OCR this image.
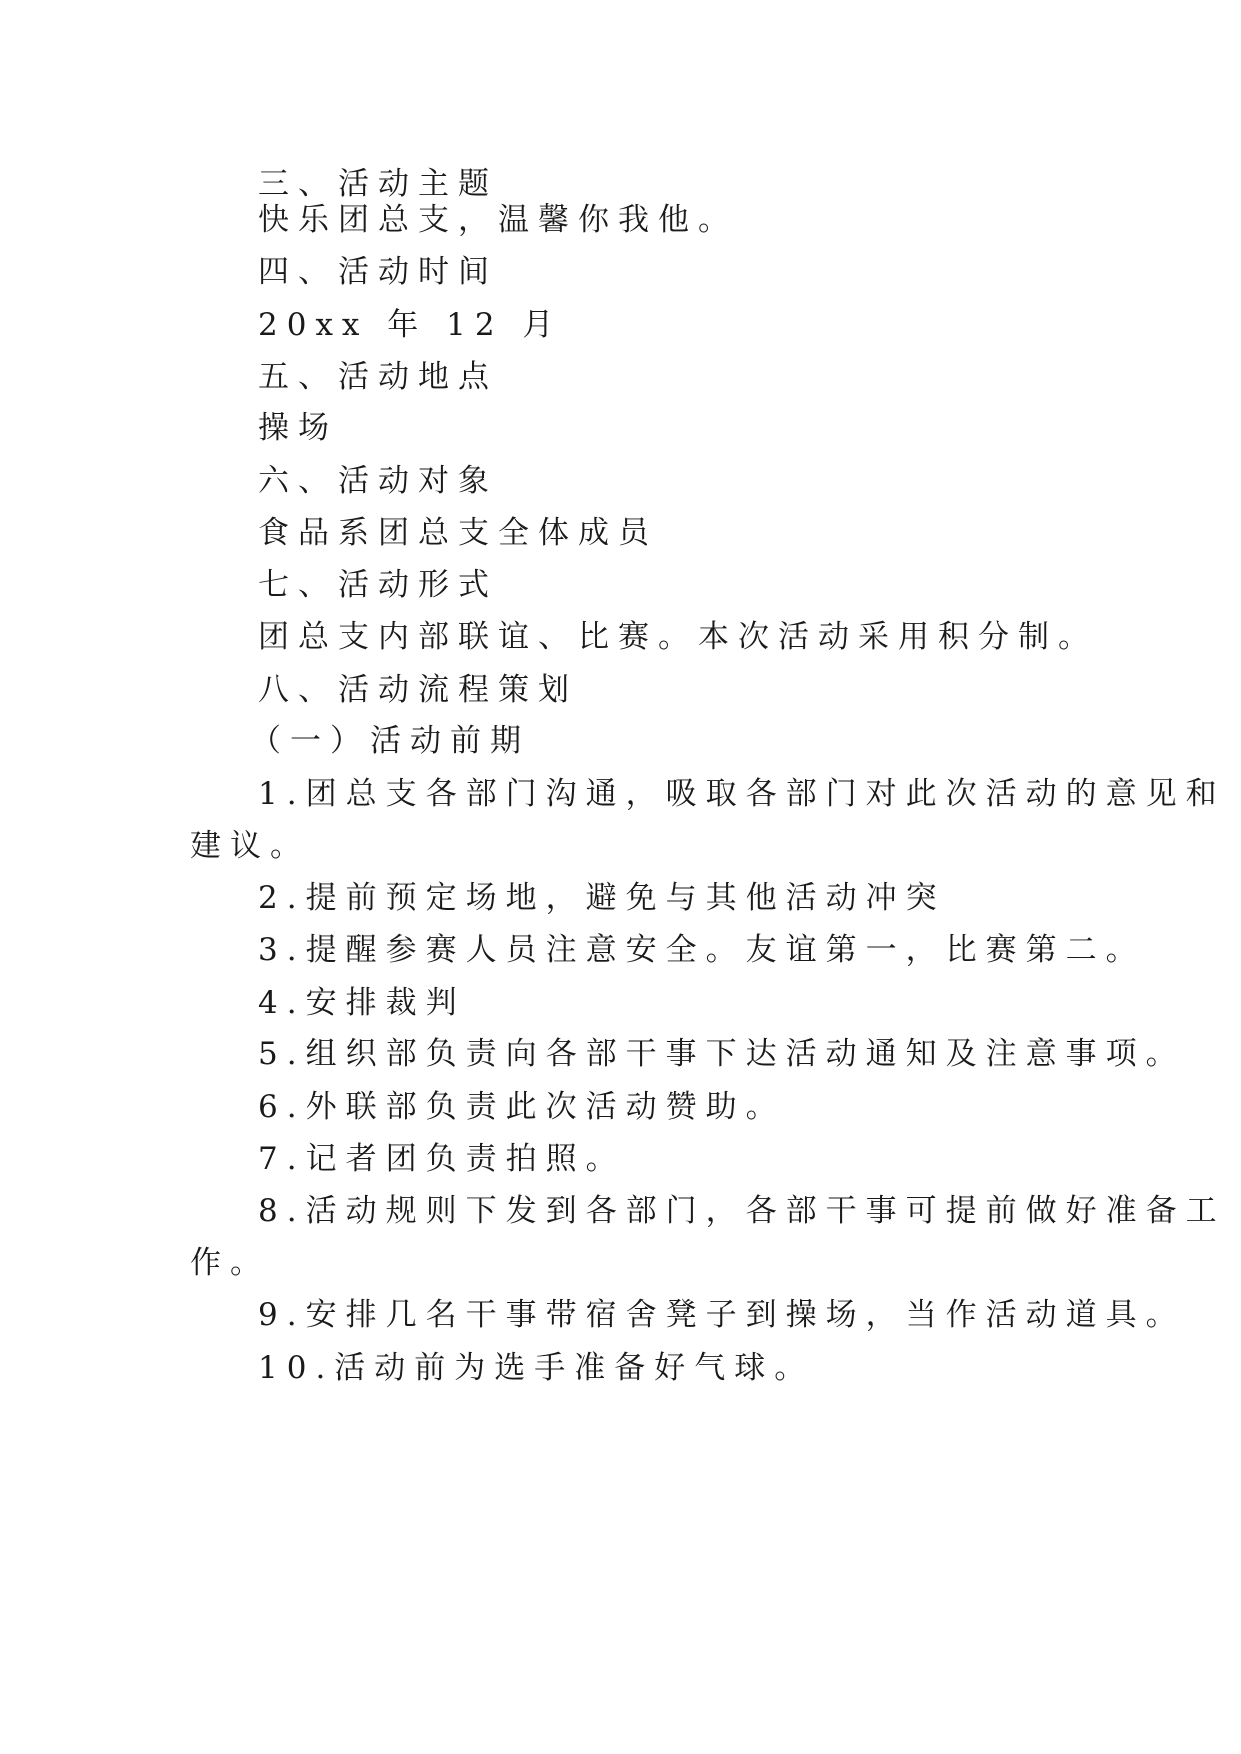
三、活动主题

快乐团总支，温馨你我他。

四、活动时间

20xx 年 12 月

五、活动地点

操场

六、活动对象

食品系团总支全体成员

七、活动形式

团总支内部联谊、比赛。本次活动采用积分制。

八、活动流程策划

（一）活动前期

1.团总支各部门沟通，吸取各部门对此次活动的意见和

建议。

2.提前预定场地，避免与其他活动冲突

3.提醒参赛人员注意安全。友谊第一，比赛第二。

4.安排裁判

5.组织部负责向各部干事下达活动通知及注意事项。

6.外联部负责此次活动赞助。

7.记者团负责拍照。

8.活动规则下发到各部门，各部干事可提前做好准备工

作。

9.安排几名干事带宿舍凳子到操场，当作活动道具。

10.活动前为选手准备好气球。
